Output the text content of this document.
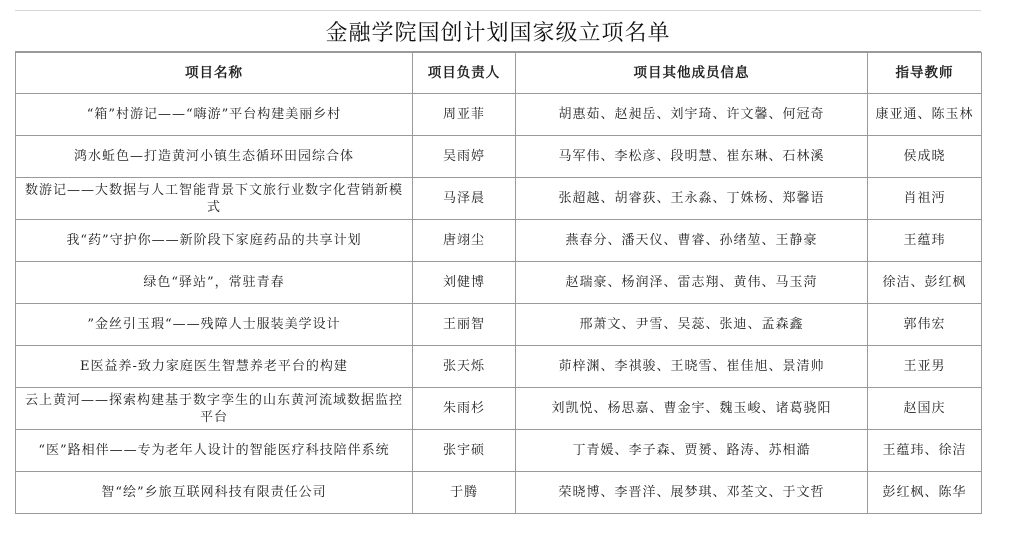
金融学院国创计划国家级立项名单
项目名称	项目负责人	项目其他成员信息	指导教师
“箱”村游记——“嗨游”平台构建美丽乡村	周亚菲	胡惠茹、赵昶岳、刘宇琦、许文馨、何冠奇	康亚通、陈玉林
鸿水蚯色—打造黄河小镇生态循环田园综合体	吴雨婷	马军伟、李松彦、段明慧、崔东琳、石林溪	侯成晓
数游记——大数据与人工智能背景下文旅行业数字化营销新模式	马泽晨	张超越、胡睿荻、王永淼、丁姝杨、郑馨语	肖祖沔
我“药”守护你——新阶段下家庭药品的共享计划	唐翊尘	燕春分、潘天仪、曹睿、孙绪堃、王静豪	王蕴玮
绿色“驿站”，常驻青春	刘健博	赵瑞豪、杨润泽、雷志翔、黄伟、马玉菏	徐洁、彭红枫
”金丝引玉瑕“——残障人士服装美学设计	王丽智	邢萧文、尹雪、吴蕊、张迪、孟森鑫	郭伟宏
E医益养-致力家庭医生智慧养老平台的构建	张天烁	茆梓渊、李祺骏、王晓雪、崔佳旭、景清帅	王亚男
云上黄河——探索构建基于数字孪生的山东黄河流域数据监控平台	朱雨杉	刘凯悦、杨思嘉、曹金宇、魏玉峻、诸葛骁阳	赵国庆
“医”路相伴——专为老年人设计的智能医疗科技陪伴系统	张宇硕	丁青媛、李子森、贾赟、路涛、苏相澔	王蕴玮、徐洁
智“绘”乡旅互联网科技有限责任公司	于腾	荣晓博、李晋洋、展梦琪、邓荃文、于文哲	彭红枫、陈华
